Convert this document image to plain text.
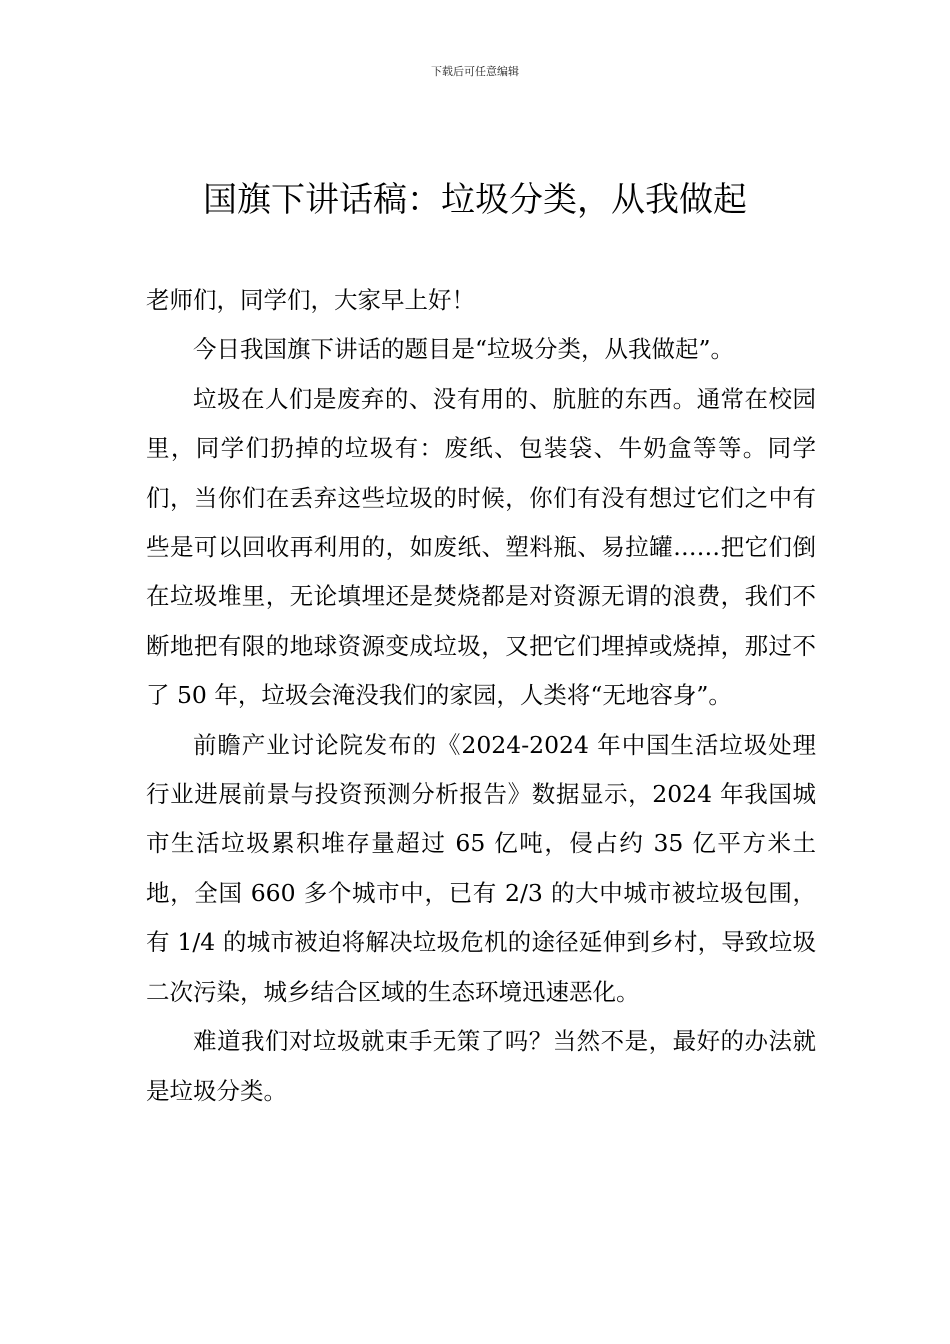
下载后可任意编辑
国旗下讲话稿：垃圾分类，从我做起

老师们，同学们，大家早上好！

今日我国旗下讲话的题目是“垃圾分类，从我做起”。

垃圾在人们是废弃的、没有用的、肮脏的东西。通常在校园里，同学们扔掉的垃圾有：废纸、包装袋、牛奶盒等等。同学们，当你们在丢弃这些垃圾的时候，你们有没有想过它们之中有些是可以回收再利用的，如废纸、塑料瓶、易拉罐……把它们倒在垃圾堆里，无论填埋还是焚烧都是对资源无谓的浪费，我们不断地把有限的地球资源变成垃圾，又把它们埋掉或烧掉，那过不了 50 年，垃圾会淹没我们的家园，人类将“无地容身”。

前瞻产业讨论院发布的《2024-2024 年中国生活垃圾处理行业进展前景与投资预测分析报告》数据显示，2024 年我国城市生活垃圾累积堆存量超过 65 亿吨，侵占约 35 亿平方米土地，全国 660 多个城市中，已有 2/3 的大中城市被垃圾包围，有 1/4 的城市被迫将解决垃圾危机的途径延伸到乡村，导致垃圾二次污染，城乡结合区域的生态环境迅速恶化。

难道我们对垃圾就束手无策了吗？当然不是，最好的办法就是垃圾分类。
